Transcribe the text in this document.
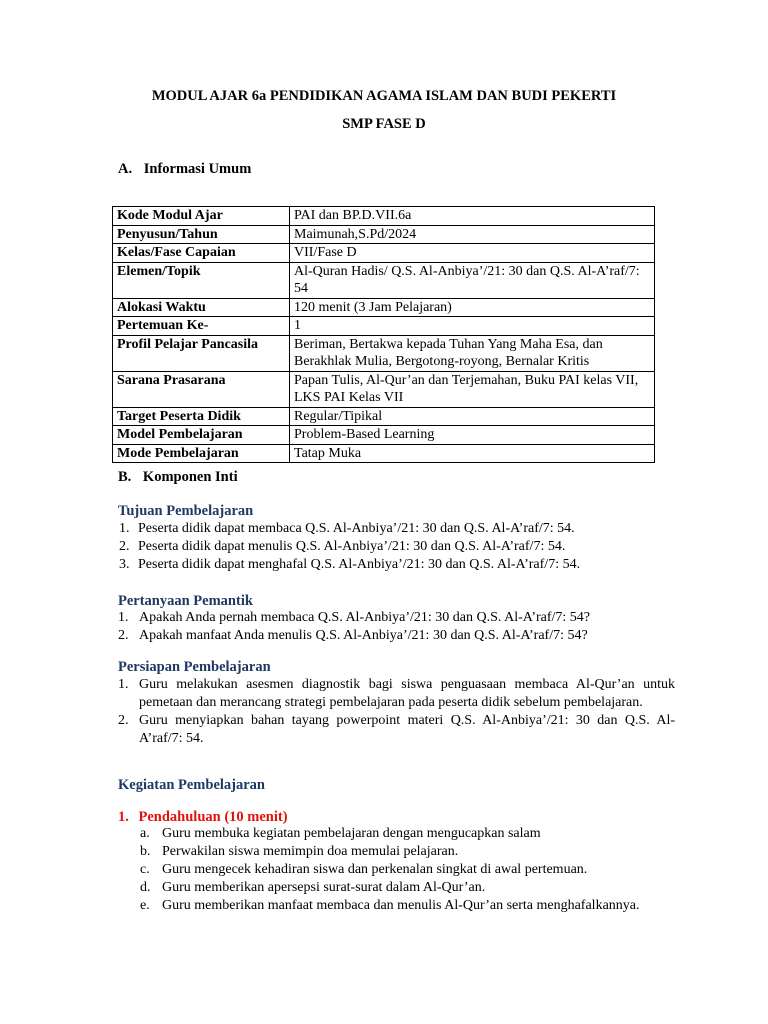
MODUL AJAR 6a PENDIDIKAN AGAMA ISLAM DAN BUDI PEKERTI
SMP FASE D
A. Informasi Umum
Kode Modul Ajar	PAI dan BP.D.VII.6a
Penyusun/Tahun	Maimunah,S.Pd/2024
Kelas/Fase Capaian	VII/Fase D
Elemen/Topik	Al-Quran Hadis/ Q.S. Al-Anbiya’/21: 30 dan Q.S. Al-A’raf/7: 54
Alokasi Waktu	120 menit (3 Jam Pelajaran)
Pertemuan Ke-	1
Profil Pelajar Pancasila	Beriman, Bertakwa kepada Tuhan Yang Maha Esa, dan Berakhlak Mulia, Bergotong-royong, Bernalar Kritis
Sarana Prasarana	Papan Tulis, Al-Qur’an dan Terjemahan, Buku PAI kelas VII, LKS PAI Kelas VII
Target Peserta Didik	Regular/Tipikal
Model Pembelajaran	Problem-Based Learning
Mode Pembelajaran	Tatap Muka
B. Komponen Inti
Tujuan Pembelajaran
1. Peserta didik dapat membaca Q.S. Al-Anbiya’/21: 30 dan Q.S. Al-A’raf/7: 54.
2. Peserta didik dapat menulis Q.S. Al-Anbiya’/21: 30 dan Q.S. Al-A’raf/7: 54.
3. Peserta didik dapat menghafal Q.S. Al-Anbiya’/21: 30 dan Q.S. Al-A’raf/7: 54.
Pertanyaan Pemantik
1. Apakah Anda pernah membaca Q.S. Al-Anbiya’/21: 30 dan Q.S. Al-A’raf/7: 54?
2. Apakah manfaat Anda menulis Q.S. Al-Anbiya’/21: 30 dan Q.S. Al-A’raf/7: 54?
Persiapan Pembelajaran
1. Guru melakukan asesmen diagnostik bagi siswa penguasaan membaca Al-Qur’an untuk pemetaan dan merancang strategi pembelajaran pada peserta didik sebelum pembelajaran.
2. Guru menyiapkan bahan tayang powerpoint materi Q.S. Al-Anbiya’/21: 30 dan Q.S. Al-A’raf/7: 54.
Kegiatan Pembelajaran
1. Pendahuluan (10 menit)
a. Guru membuka kegiatan pembelajaran dengan mengucapkan salam
b. Perwakilan siswa memimpin doa memulai pelajaran.
c. Guru mengecek kehadiran siswa dan perkenalan singkat di awal pertemuan.
d. Guru memberikan apersepsi surat-surat dalam Al-Qur’an.
e. Guru memberikan manfaat membaca dan menulis Al-Qur’an serta menghafalkannya.
